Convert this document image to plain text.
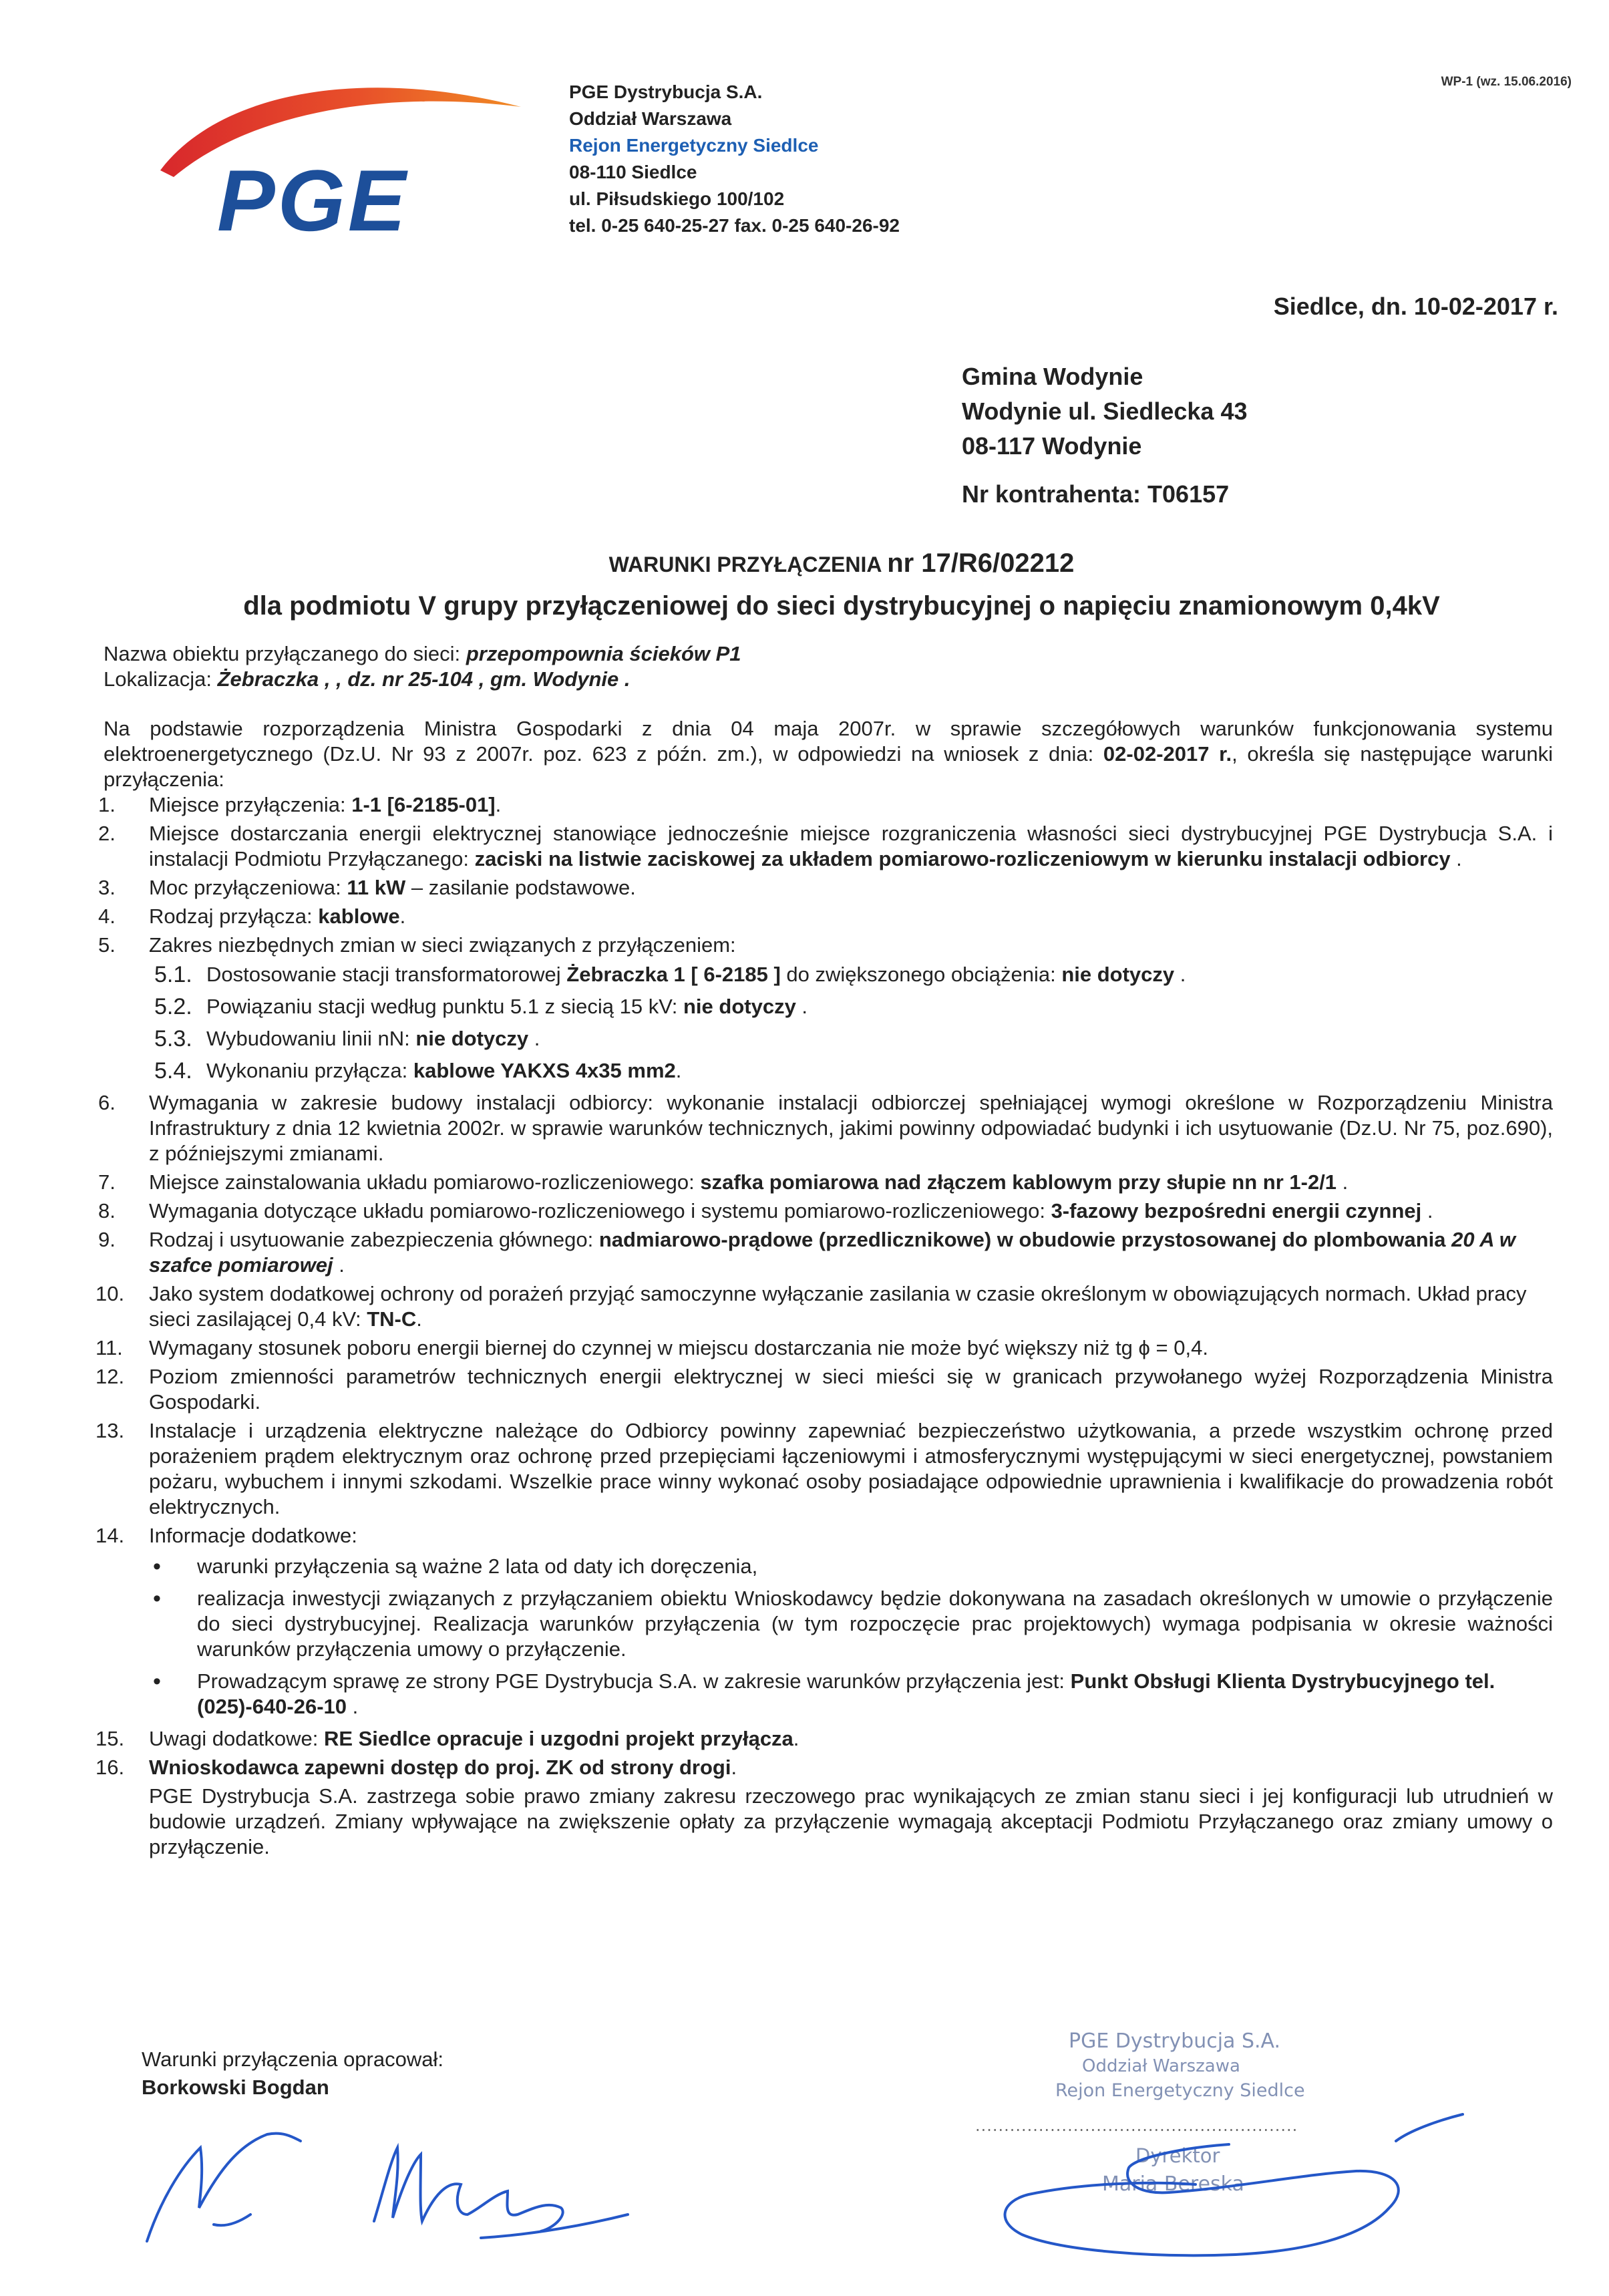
PGE
PGE Dystrybucja S.A.
Oddział Warszawa
Rejon Energetyczny Siedlce
08-110 Siedlce
ul. Piłsudskiego 100/102
tel. 0-25 640-25-27 fax. 0-25 640-26-92
WP-1 (wz. 15.06.2016)
Siedlce, dn. 10-02-2017 r.
Gmina Wodynie
Wodynie ul. Siedlecka 43
08-117 Wodynie
Nr kontrahenta: T06157
WARUNKI PRZYŁĄCZENIA nr 17/R6/02212
dla podmiotu V grupy przyłączeniowej do sieci dystrybucyjnej o napięciu znamionowym 0,4kV

Nazwa obiektu przyłączanego do sieci: przepompownia ścieków P1

Lokalizacja: Żebraczka , , dz. nr 25-104 , gm. Wodynie .

Na podstawie rozporządzenia Ministra Gospodarki z dnia 04 maja 2007r. w sprawie szczegółowych warunków funkcjonowania systemu elektroenergetycznego (Dz.U. Nr 93 z 2007r. poz. 623 z późn. zm.), w odpowiedzi na wniosek z dnia: 02-02-2017 r., określa się następujące warunki przyłączenia:

1. Miejsce przyłączenia: 1-1 [6-2185-01].
2. Miejsce dostarczania energii elektrycznej stanowiące jednocześnie miejsce rozgraniczenia własności sieci dystrybucyjnej PGE Dystrybucja S.A. i instalacji Podmiotu Przyłączanego: zaciski na listwie zaciskowej za układem pomiarowo-rozliczeniowym w kierunku instalacji odbiorcy .
3. Moc przyłączeniowa: 11 kW – zasilanie podstawowe.
4. Rodzaj przyłącza: kablowe.
5. Zakres niezbędnych zmian w sieci związanych z przyłączeniem:
5.1. Dostosowanie stacji transformatorowej Żebraczka 1 [ 6-2185 ] do zwiększonego obciążenia: nie dotyczy .
5.2. Powiązaniu stacji według punktu 5.1 z siecią 15 kV: nie dotyczy .
5.3. Wybudowaniu linii nN: nie dotyczy .
5.4. Wykonaniu przyłącza: kablowe YAKXS 4x35 mm2.
6. Wymagania w zakresie budowy instalacji odbiorcy: wykonanie instalacji odbiorczej spełniającej wymogi określone w Rozporządzeniu Ministra Infrastruktury z dnia 12 kwietnia 2002r. w sprawie warunków technicznych, jakimi powinny odpowiadać budynki i ich usytuowanie (Dz.U. Nr 75, poz.690), z późniejszymi zmianami.
7. Miejsce zainstalowania układu pomiarowo-rozliczeniowego: szafka pomiarowa nad złączem kablowym przy słupie nn nr 1-2/1 .
8. Wymagania dotyczące układu pomiarowo-rozliczeniowego i systemu pomiarowo-rozliczeniowego: 3-fazowy bezpośredni energii czynnej .
9. Rodzaj i usytuowanie zabezpieczenia głównego: nadmiarowo-prądowe (przedlicznikowe) w obudowie przystosowanej do plombowania 20 A w szafce pomiarowej .
10. Jako system dodatkowej ochrony od porażeń przyjąć samoczynne wyłączanie zasilania w czasie określonym w obowiązujących normach. Układ pracy sieci zasilającej 0,4 kV: TN-C.
11. Wymagany stosunek poboru energii biernej do czynnej w miejscu dostarczania nie może być większy niż tg ϕ = 0,4.
12. Poziom zmienności parametrów technicznych energii elektrycznej w sieci mieści się w granicach przywołanego wyżej Rozporządzenia Ministra Gospodarki.
13. Instalacje i urządzenia elektryczne należące do Odbiorcy powinny zapewniać bezpieczeństwo użytkowania, a przede wszystkim ochronę przed porażeniem prądem elektrycznym oraz ochronę przed przepięciami łączeniowymi i atmosferycznymi występującymi w sieci energetycznej, powstaniem pożaru, wybuchem i innymi szkodami. Wszelkie prace winny wykonać osoby posiadające odpowiednie uprawnienia i kwalifikacje do prowadzenia robót elektrycznych.
14. Informacje dodatkowe:
• warunki przyłączenia są ważne 2 lata od daty ich doręczenia,
• realizacja inwestycji związanych z przyłączaniem obiektu Wnioskodawcy będzie dokonywana na zasadach określonych w umowie o przyłączenie do sieci dystrybucyjnej. Realizacja warunków przyłączenia (w tym rozpoczęcie prac projektowych) wymaga podpisania w okresie ważności warunków przyłączenia umowy o przyłączenie.
• Prowadzącym sprawę ze strony PGE Dystrybucja S.A. w zakresie warunków przyłączenia jest: Punkt Obsługi Klienta Dystrybucyjnego tel. (025)-640-26-10 .
15. Uwagi dodatkowe: RE Siedlce opracuje i uzgodni projekt przyłącza.
16. Wnioskodawca zapewni dostęp do proj. ZK od strony drogi.

PGE Dystrybucja S.A. zastrzega sobie prawo zmiany zakresu rzeczowego prac wynikających ze zmian stanu sieci i jej konfiguracji lub utrudnień w budowie urządzeń. Zmiany wpływające na zwiększenie opłaty za przyłączenie wymagają akceptacji Podmiotu Przyłączanego oraz zmiany umowy o przyłączenie.

Warunki przyłączenia opracował:
Borkowski Bogdan
PGE Dystrybucja S.A.
Oddział Warszawa
Rejon Energetyczny Siedlce
........................................................
Dyrektor
Maria Bereska
